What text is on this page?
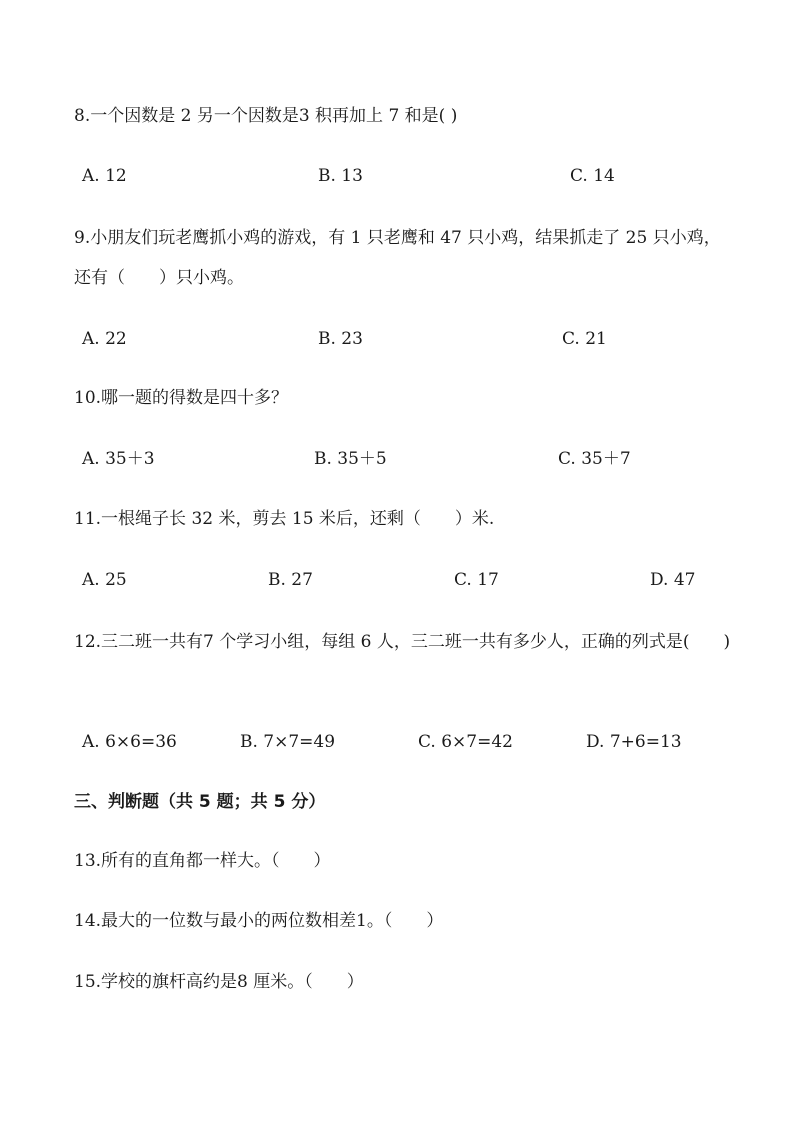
8.一个因数是 2 另一个因数是3 积再加上 7 和是( )
A. 12	B. 13	C. 14
9.小朋友们玩老鹰抓小鸡的游戏，有 1 只老鹰和 47 只小鸡，结果抓走了 25 只小鸡，还有（　　）只小鸡。
A. 22	B. 23	C. 21
10.哪一题的得数是四十多？
A. 35＋3	B. 35＋5	C. 35＋7
11.一根绳子长 32 米，剪去 15 米后，还剩（　　）米.
A. 25	B. 27	C. 17	D. 47
12.三二班一共有7 个学习小组，每组 6 人，三二班一共有多少人，正确的列式是(　　)
A. 6×6=36	B. 7×7=49	C. 6×7=42	D. 7+6=13
三、判断题（共 5 题；共 5 分）
13.所有的直角都一样大。（　　）
14.最大的一位数与最小的两位数相差1。（　　）
15.学校的旗杆高约是8 厘米。（　　）
